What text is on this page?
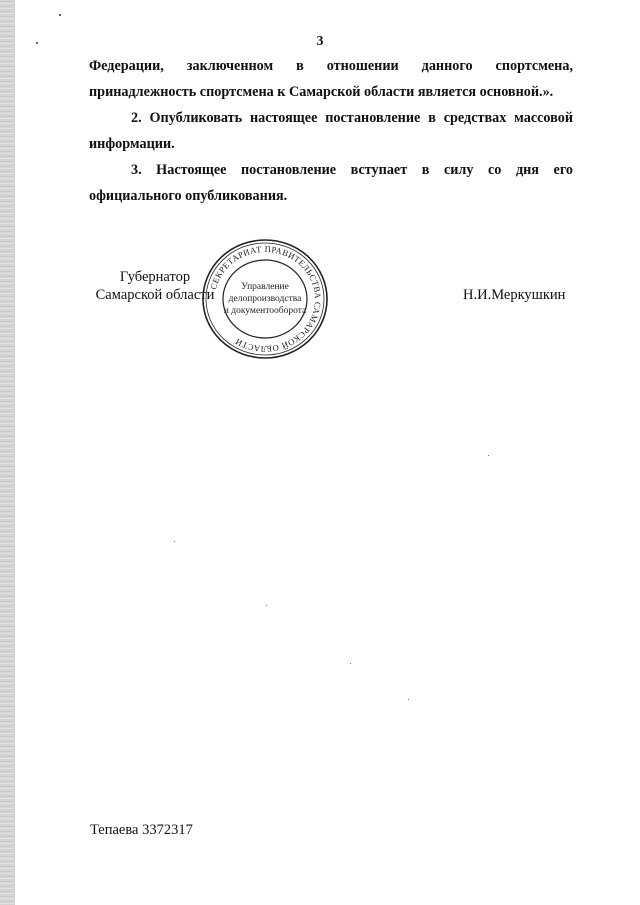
3
Федерации, заключенном в отношении данного спортсмена,
принадлежность спортсмена к Самарской области является основной.».
2. Опубликовать настоящее постановление в средствах массовой
информации.
3. Настоящее постановление вступает в силу со дня его
официального опубликования.
Губернатор
Самарской области	Н.И.Меркушкин
СЕКРЕТАРИАТ ПРАВИТЕЛЬСТВА САМАРСКОЙ ОБЛАСТИ
Управление
делопроизводства
и документооборота
Тепаева 3372317
